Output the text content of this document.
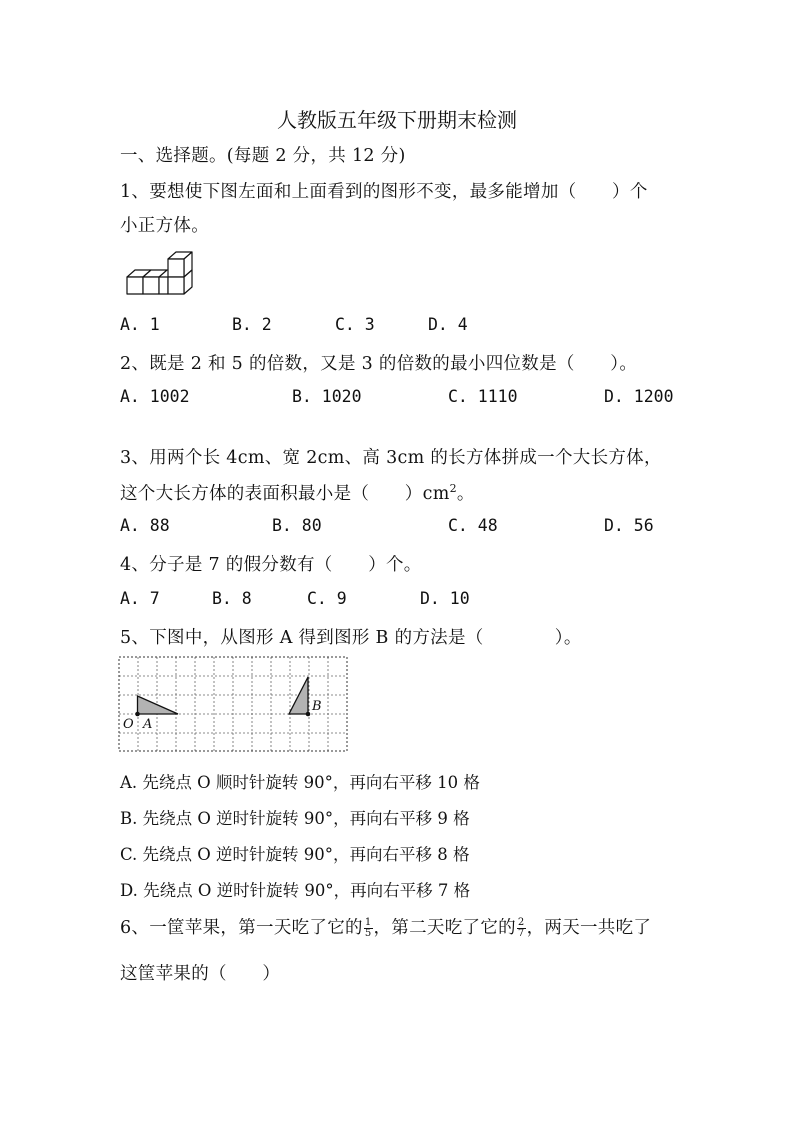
人教版五年级下册期末检测
一、选择题。(每题 2 分，共 12 分)
1、要想使下图左面和上面看到的图形不变，最多能增加（　　）个
小正方体。
A. 1	B. 2	C. 3	D. 4
2、既是 2 和 5 的倍数，又是 3 的倍数的最小四位数是（　　）。
A. 1002	B. 1020	C. 1110	D. 1200
3、用两个长 4cm、宽 2cm、高 3cm 的长方体拼成一个大长方体，
这个大长方体的表面积最小是（　　）$cm^2$。
A. 88	B. 80	C. 48	D. 56
4、分子是 7 的假分数有（　　）个。
A. 7	B. 8	C. 9	D. 10
5、下图中，从图形 A 得到图形 B 的方法是（　　　　）。
O A
B
A. 先绕点 O 顺时针旋转 90°，再向右平移 10 格
B. 先绕点 O 逆时针旋转 90°，再向右平移 9 格
C. 先绕点 O 逆时针旋转 90°，再向右平移 8 格
D. 先绕点 O 逆时针旋转 90°，再向右平移 7 格
6、一筐苹果，第一天吃了它的 $\frac{1}{5}$ ，第二天吃了它的 $\frac{2}{7}$ ，两天一共吃了
这筐苹果的（　　）
